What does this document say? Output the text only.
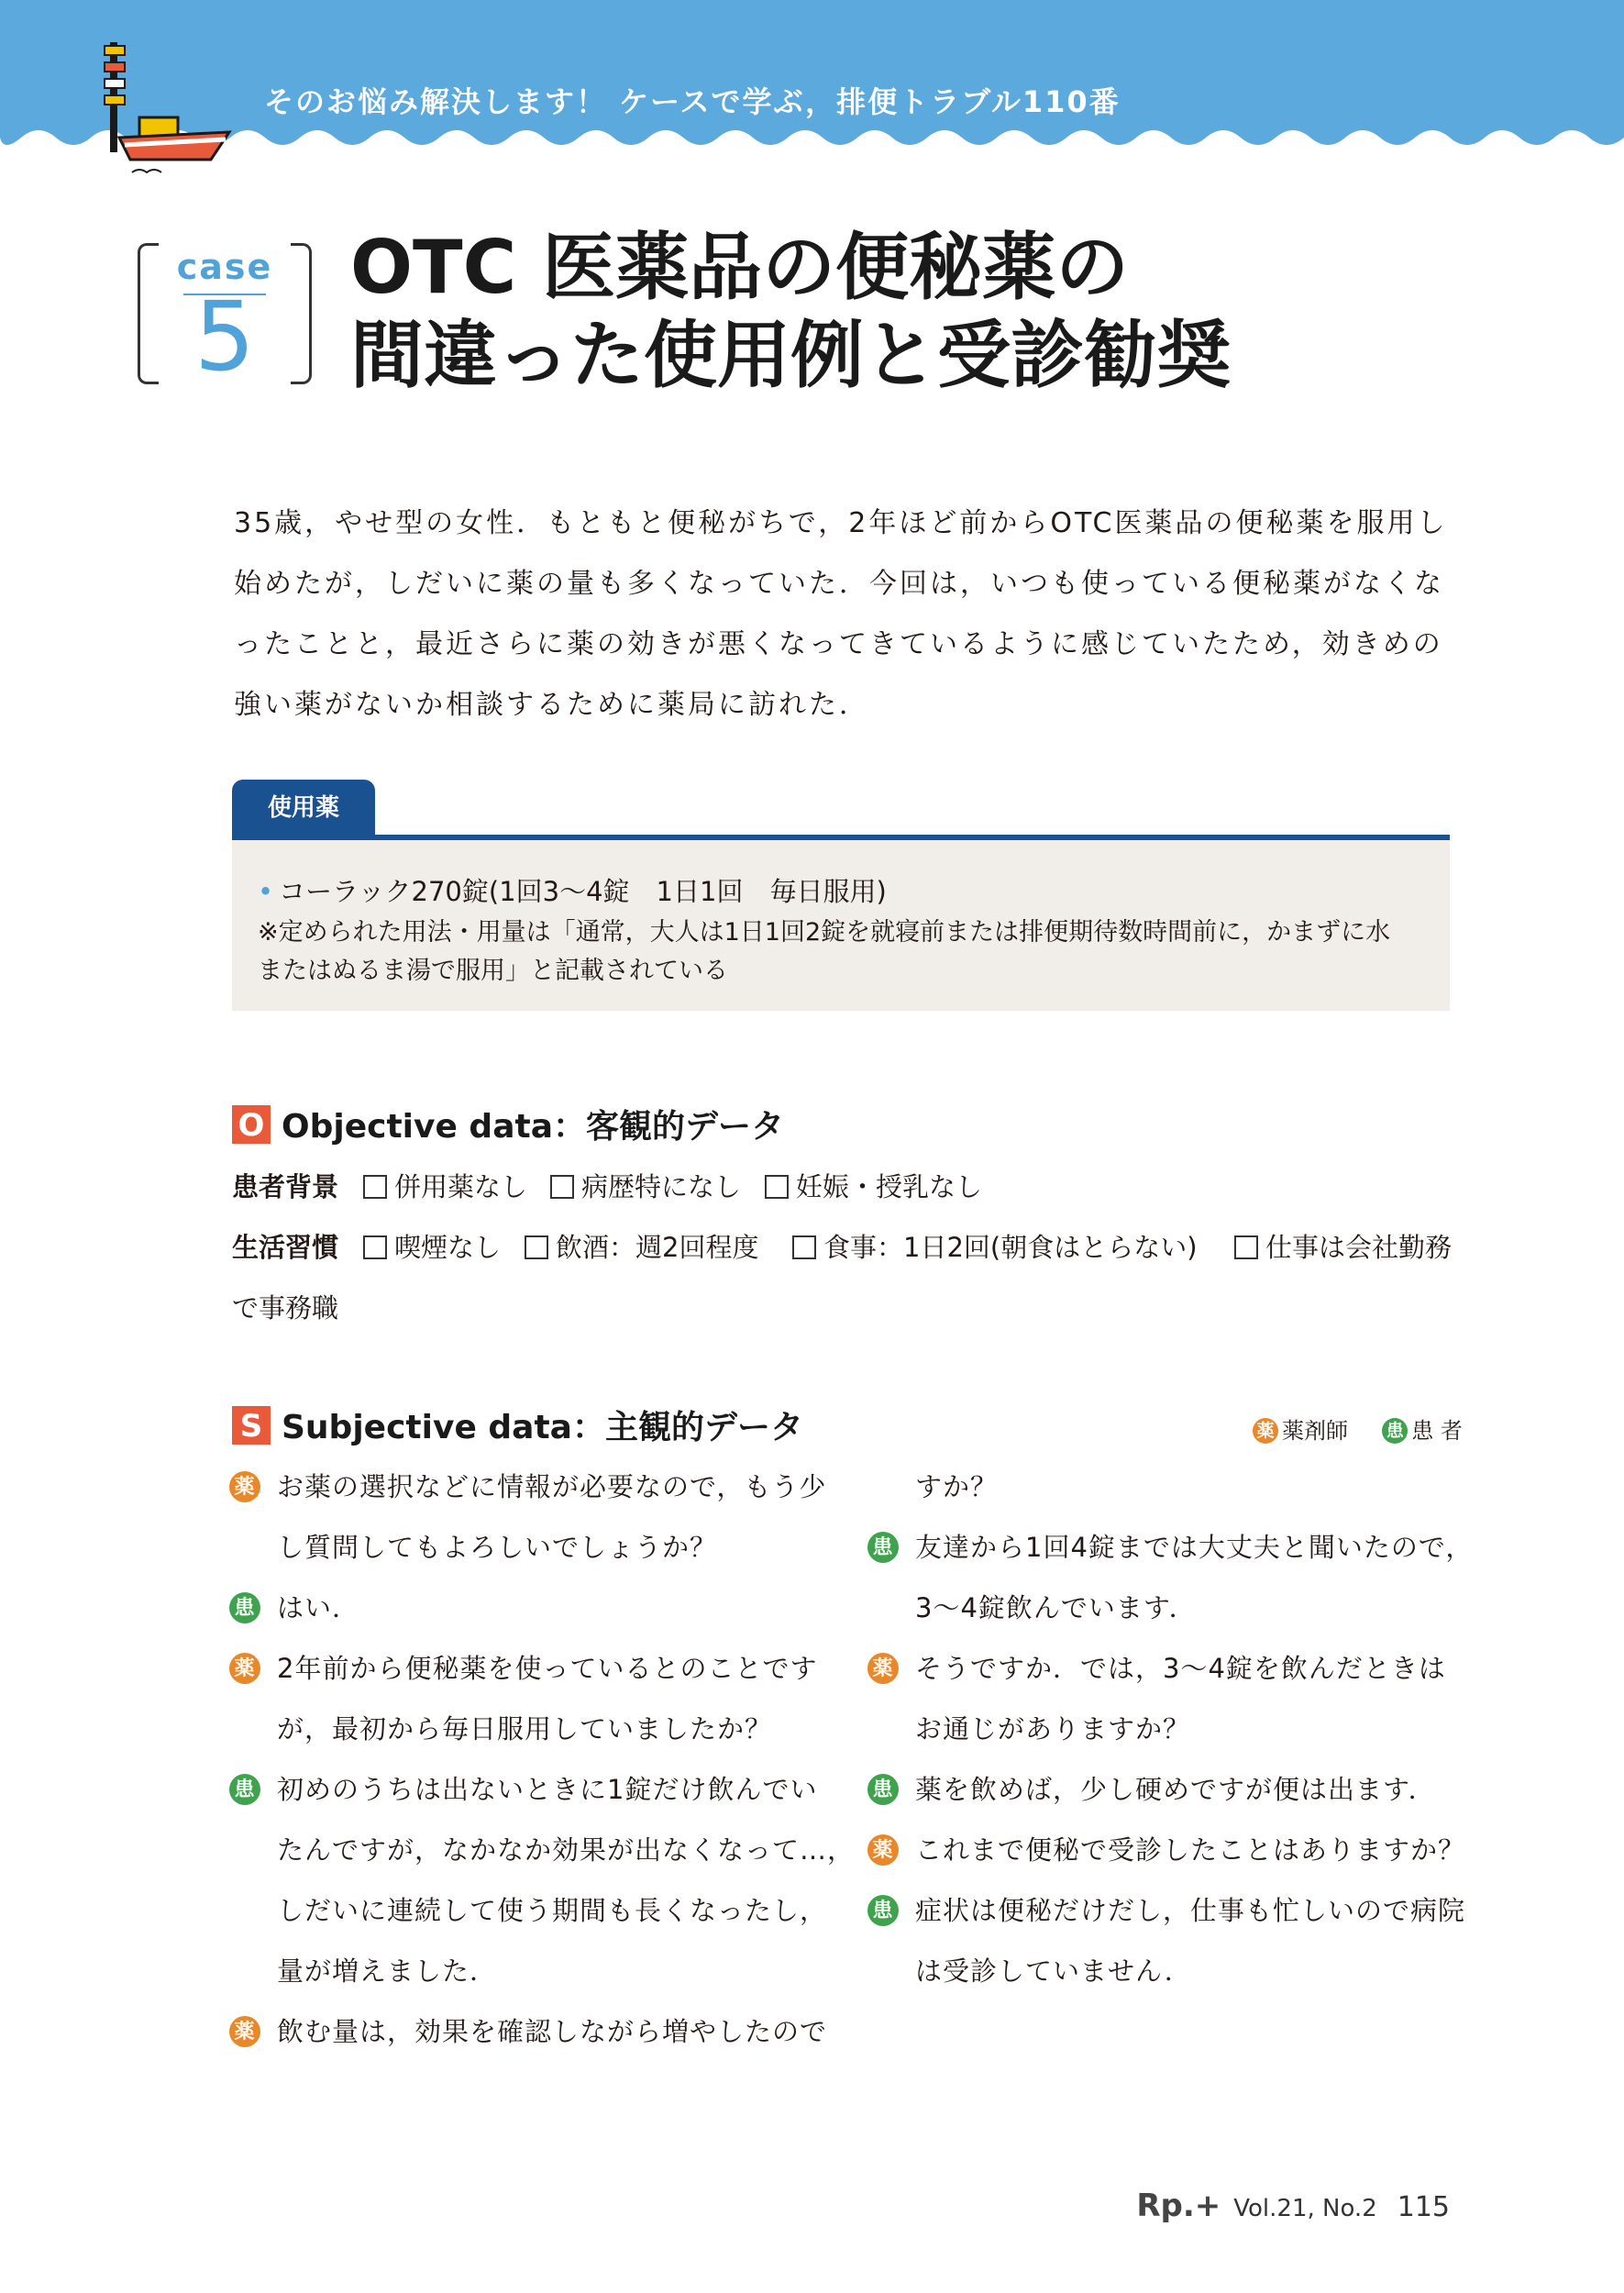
そのお悩み解決します！ ケースで学ぶ，排便トラブル110番
case
5
OTC 医薬品の便秘薬の
間違った使用例と受診勧奨
35歳，やせ型の女性．もともと便秘がちで，2年ほど前からOTC医薬品の便秘薬を服用し始めたが，しだいに薬の量も多くなっていた．今回は，いつも使っている便秘薬がなくなったことと，最近さらに薬の効きが悪くなってきているように感じていたため，効きめの強い薬がないか相談するために薬局に訪れた．
使用薬
• コーラック270錠(1回3～4錠　1日1回　毎日服用)
※定められた用法・用量は「通常，大人は1日1回2錠を就寝前または排便期待数時間前に，かまずに水またはぬるま湯で服用」と記載されている
O Objective data：客観的データ
患者背景	併用薬なし	病歴特になし	妊娠・授乳なし
生活習慣	喫煙なし	飲酒：週2回程度	食事：1日2回(朝食はとらない)	仕事は会社勤務
で事務職
S Subjective data：主観的データ	薬 薬剤師 患 患 者
薬 お薬の選択などに情報が必要なので，もう少
し質問してもよろしいでしょうか？
患 はい．
薬 2年前から便秘薬を使っているとのことです
が，最初から毎日服用していましたか？
患 初めのうちは出ないときに1錠だけ飲んでい
たんですが，なかなか効果が出なくなって…，
しだいに連続して使う期間も長くなったし，
量が増えました．
薬 飲む量は，効果を確認しながら増やしたので
すか？
患 友達から1回4錠までは大丈夫と聞いたので，
3～4錠飲んでいます．
薬 そうですか．では，3～4錠を飲んだときは
お通じがありますか？
患 薬を飲めば，少し硬めですが便は出ます．
薬 これまで便秘で受診したことはありますか？
患 症状は便秘だけだし，仕事も忙しいので病院
は受診していません．
Rp.+ Vol.21, No.2 115
